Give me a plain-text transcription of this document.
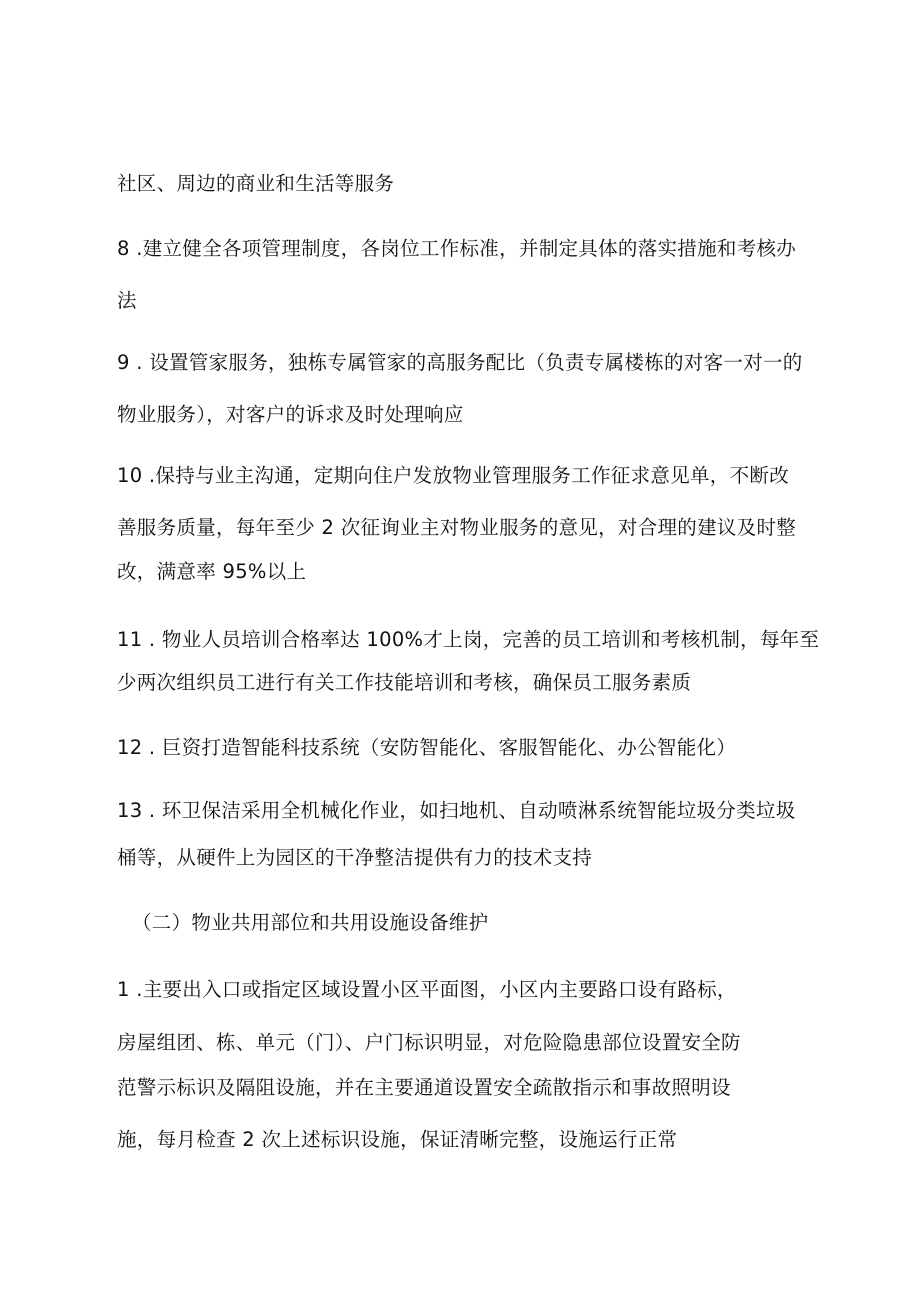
社区、周边的商业和生活等服务
8 .建立健全各项管理制度，各岗位工作标准，并制定具体的落实措施和考核办
法
9 . 设置管家服务，独栋专属管家的高服务配比（负责专属楼栋的对客一对一的
物业服务），对客户的诉求及时处理响应
10 .保持与业主沟通，定期向住户发放物业管理服务工作征求意见单，不断改
善服务质量，每年至少 2 次征询业主对物业服务的意见，对合理的建议及时整
改，满意率 95%以上
11 . 物业人员培训合格率达 100%才上岗，完善的员工培训和考核机制，每年至
少两次组织员工进行有关工作技能培训和考核，确保员工服务素质
12 . 巨资打造智能科技系统（安防智能化、客服智能化、办公智能化）
13 . 环卫保洁采用全机械化作业，如扫地机、自动喷淋系统智能垃圾分类垃圾
桶等，从硬件上为园区的干净整洁提供有力的技术支持
（二）物业共用部位和共用设施设备维护
1 .主要出入口或指定区域设置小区平面图，小区内主要路口设有路标，
房屋组团、栋、单元（门）、户门标识明显，对危险隐患部位设置安全防
范警示标识及隔阻设施，并在主要通道设置安全疏散指示和事故照明设
施，每月检查 2 次上述标识设施，保证清晰完整，设施运行正常
